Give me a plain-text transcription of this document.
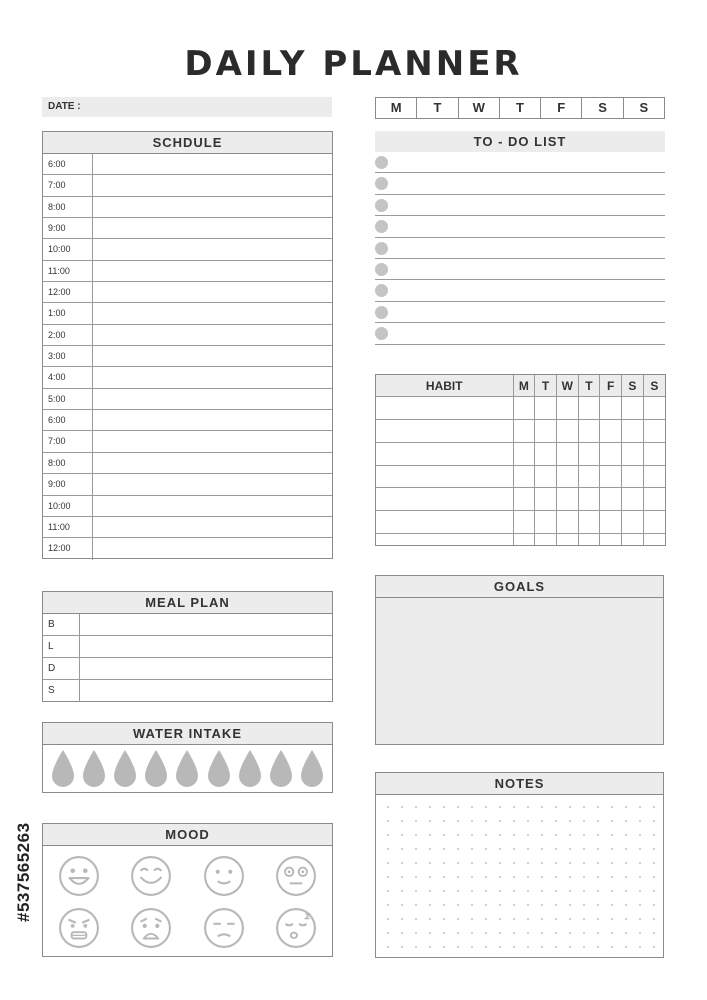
DAILY PLANNER
DATE :	M	T	W	T	F	S	S
SCHDULE
6:00
7:00
8:00
9:00
10:00
11:00
12:00
1:00
2:00
3:00
4:00
5:00
6:00
7:00
8:00
9:00
10:00
11:00
12:00
TO - DO LIST
HABIT	M	T	W	T	F	S	S

MEAL PLAN
B
L
D
S
WATER INTAKE
MOOD
GOALS
NOTES
#537565263
